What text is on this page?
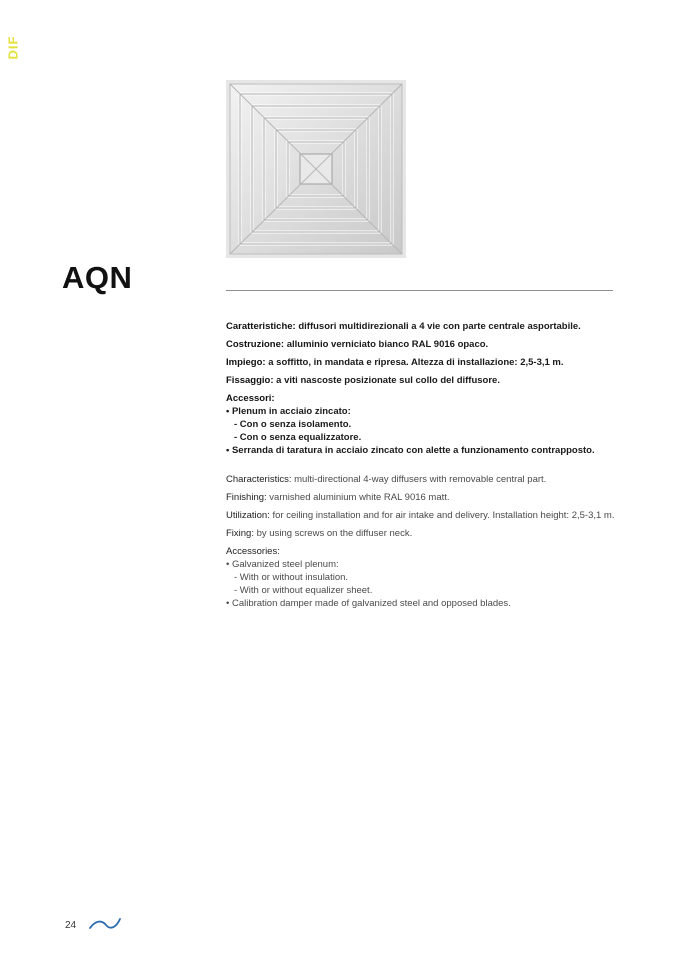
DIF
AQN

Caratteristiche: diffusori multidirezionali a 4 vie con parte centrale asportabile.

Costruzione: alluminio verniciato bianco RAL 9016 opaco.

Impiego: a soffitto, in mandata e ripresa. Altezza di installazione: 2,5-3,1 m.

Fissaggio: a viti nascoste posizionate sul collo del diffusore.

Accessori:

• Plenum in acciaio zincato:

- Con o senza isolamento.

- Con o senza equalizzatore.

• Serranda di taratura in acciaio zincato con alette a funzionamento contrapposto.

Characteristics: multi-directional 4-way diffusers with removable central part.

Finishing: varnished aluminium white RAL 9016 matt.

Utilization: for ceiling installation and for air intake and delivery. Installation height: 2,5-3,1 m.

Fixing: by using screws on the diffuser neck.

Accessories:

• Galvanized steel plenum:

- With or without insulation.

- With or without equalizer sheet.

• Calibration damper made of galvanized steel and opposed blades.

24
